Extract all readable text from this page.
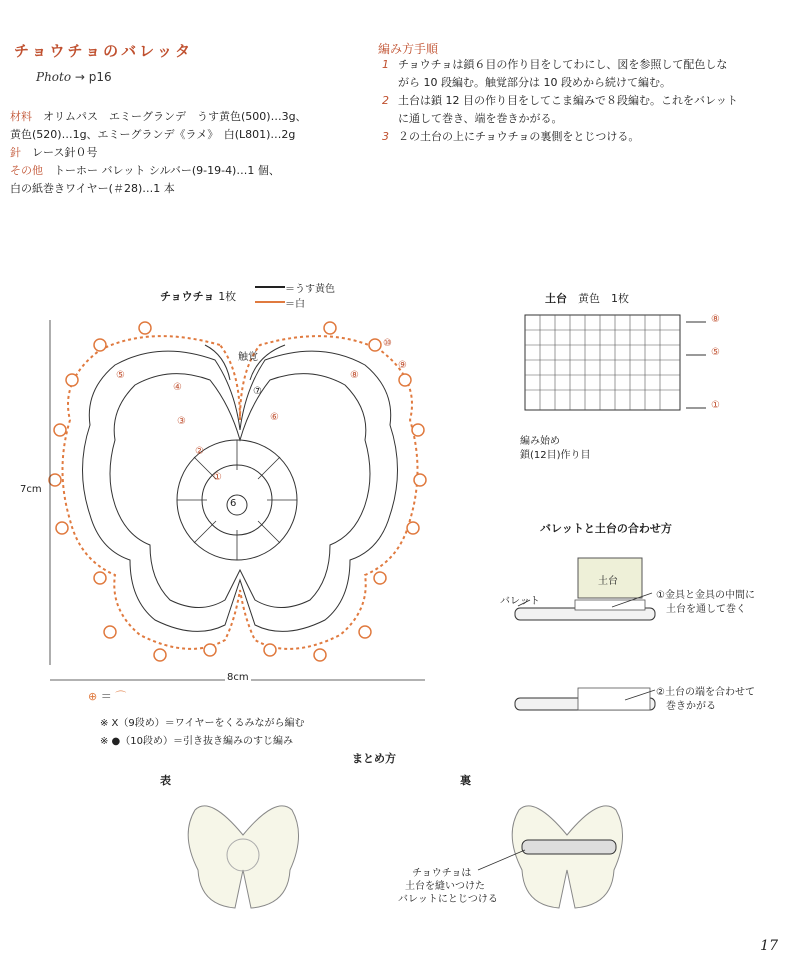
チョウチョのバレッタ
Photo → p16
材料　 オリムパス　エミーグランデ　うす黄色(500)…3g、
黄色(520)…1g、エミーグランデ《ラメ》　白(L801)…2g
針　 レース針０号
その他　 トーホー バレット シルバー(9-19-4)…1 個、
白の紙巻きワイヤー(＃28)…1 本
編み方手順
1 チョウチョは鎖６目の作り目をしてわにし、図を参照して配色しな
がら 10 段編む。触覚部分は 10 段めから続けて編む。
2 土台は鎖 12 目の作り目をしてこま編みで８段編む。これをバレット
に通して巻き、端を巻きかがる。
3 ２の土台の上にチョウチョの裏側をとじつける。
チョウチョ 1枚
＝うす黄色
＝白
触覚
6
7cm
8cm
①
②
③
④
⑤
⑥
⑦
⑧
⑨
⑩
⊕ ＝ ⌒
※ X（9段め）＝ワイヤーをくるみながら編む
※ ●（10段め）＝引き抜き編みのすじ編み
土台　 黄色　 1枚
⑧
⑤
①
編み始め
鎖(12目)作り目
バレットと土台の合わせ方
土台
バレット
①金具と金具の中間に
土台を通して巻く
②土台の端を合わせて
巻きかがる
まとめ方
表	裏
チョウチョは
土台を縫いつけた
バレットにとじつける
17
